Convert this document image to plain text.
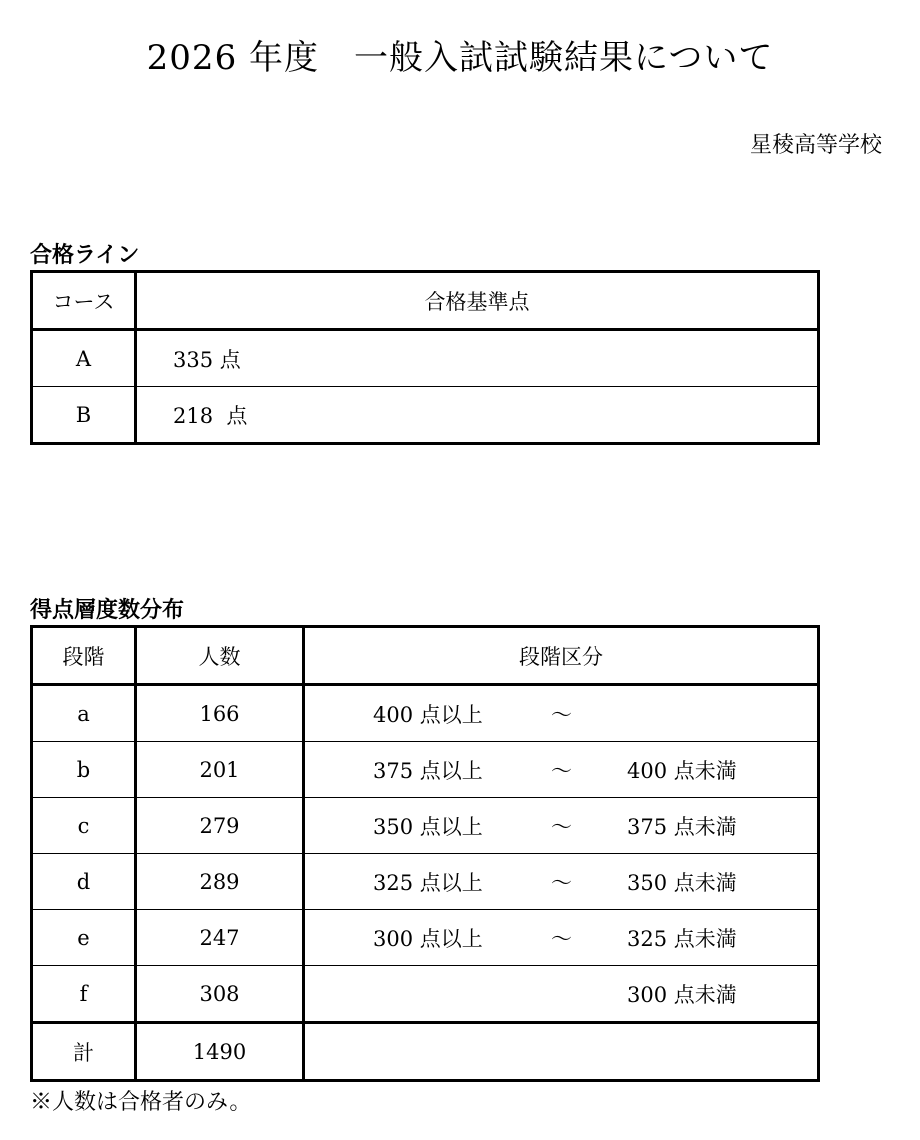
2026 年度　一般入試試験結果について
星稜高等学校
合格ライン
コース	合格基準点
A	335 点
B	218  点
得点層度数分布
段階	人数	段階区分
a	166	400 点以上 ～

b	201	375 点以上 ～ 400 点未満

c	279	350 点以上 ～ 375 点未満

d	289	325 点以上 ～ 350 点未満

e	247	300 点以上 ～ 325 点未満

f	308	300 点未満

計	1490	
※人数は合格者のみ。
